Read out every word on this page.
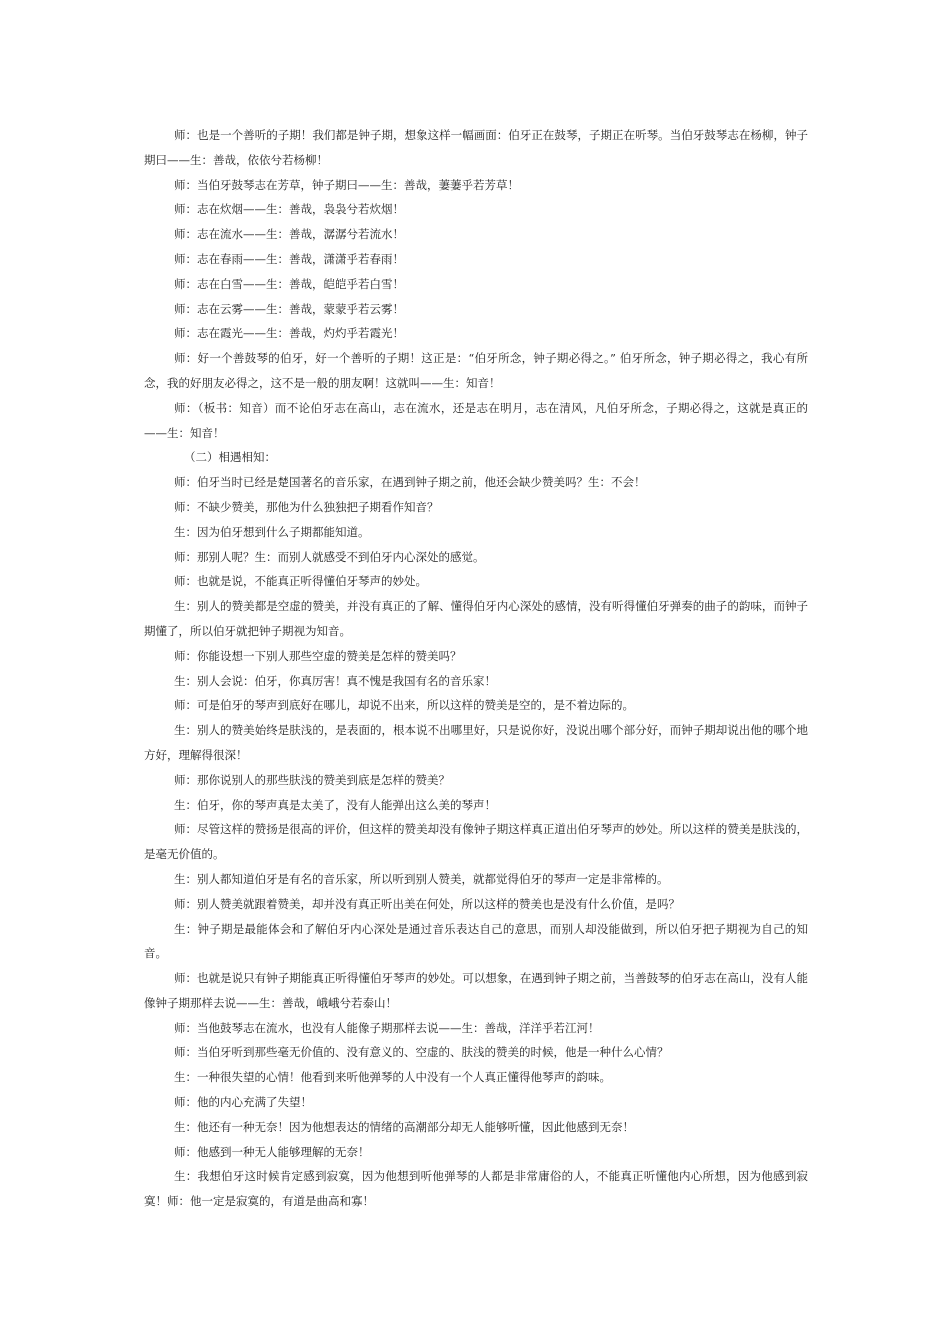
师：也是一个善听的子期！我们都是钟子期，想象这样一幅画面：伯牙正在鼓琴，子期正在听琴。当伯牙鼓琴志在杨柳，钟子期曰——生：善哉，依依兮若杨柳！

师：当伯牙鼓琴志在芳草，钟子期曰——生：善哉，萋萋乎若芳草！

师：志在炊烟——生：善哉，袅袅兮若炊烟！

师：志在流水——生：善哉，潺潺兮若流水！

师：志在春雨——生：善哉，潇潇乎若春雨！

师：志在白雪——生：善哉，皑皑乎若白雪！

师：志在云雾——生：善哉，蒙蒙乎若云雾！

师：志在霞光——生：善哉，灼灼乎若霞光！

师：好一个善鼓琴的伯牙，好一个善听的子期！这正是：“伯牙所念，钟子期必得之。” 伯牙所念，钟子期必得之，我心有所念，我的好朋友必得之，这不是一般的朋友啊！这就叫——生：知音！

师：（板书：知音）而不论伯牙志在高山，志在流水，还是志在明月，志在清风，凡伯牙所念，子期必得之，这就是真正的——生：知音！

（二）相遇相知：

师：伯牙当时已经是楚国著名的音乐家，在遇到钟子期之前，他还会缺少赞美吗？生：不会！

师：不缺少赞美，那他为什么独独把子期看作知音？

生：因为伯牙想到什么子期都能知道。

师：那别人呢？生：而别人就感受不到伯牙内心深处的感觉。

师：也就是说，不能真正听得懂伯牙琴声的妙处。

生：别人的赞美都是空虚的赞美，并没有真正的了解、懂得伯牙内心深处的感情，没有听得懂伯牙弹奏的曲子的韵味，而钟子期懂了，所以伯牙就把钟子期视为知音。

师：你能设想一下别人那些空虚的赞美是怎样的赞美吗？

生：别人会说：伯牙，你真厉害！真不愧是我国有名的音乐家！

师：可是伯牙的琴声到底好在哪儿，却说不出来，所以这样的赞美是空的，是不着边际的。

生：别人的赞美始终是肤浅的，是表面的，根本说不出哪里好，只是说你好，没说出哪个部分好，而钟子期却说出他的哪个地方好，理解得很深！

师：那你说别人的那些肤浅的赞美到底是怎样的赞美？

生：伯牙，你的琴声真是太美了，没有人能弹出这么美的琴声！

师：尽管这样的赞扬是很高的评价，但这样的赞美却没有像钟子期这样真正道出伯牙琴声的妙处。所以这样的赞美是肤浅的，是毫无价值的。

生：别人都知道伯牙是有名的音乐家，所以听到别人赞美，就都觉得伯牙的琴声一定是非常棒的。

师：别人赞美就跟着赞美，却并没有真正听出美在何处，所以这样的赞美也是没有什么价值，是吗？

生：钟子期是最能体会和了解伯牙内心深处是通过音乐表达自己的意思，而别人却没能做到，所以伯牙把子期视为自己的知音。

师：也就是说只有钟子期能真正听得懂伯牙琴声的妙处。可以想象，在遇到钟子期之前，当善鼓琴的伯牙志在高山，没有人能像钟子期那样去说——生：善哉，峨峨兮若泰山！

师：当他鼓琴志在流水，也没有人能像子期那样去说——生：善哉，洋洋乎若江河！

师：当伯牙听到那些毫无价值的、没有意义的、空虚的、肤浅的赞美的时候，他是一种什么心情？

生：一种很失望的心情！他看到来听他弹琴的人中没有一个人真正懂得他琴声的韵味。

师：他的内心充满了失望！

生：他还有一种无奈！因为他想表达的情绪的高潮部分却无人能够听懂，因此他感到无奈！

师：他感到一种无人能够理解的无奈！

生：我想伯牙这时候肯定感到寂寞，因为他想到听他弹琴的人都是非常庸俗的人，不能真正听懂他内心所想，因为他感到寂寞！师：他一定是寂寞的，有道是曲高和寡！
